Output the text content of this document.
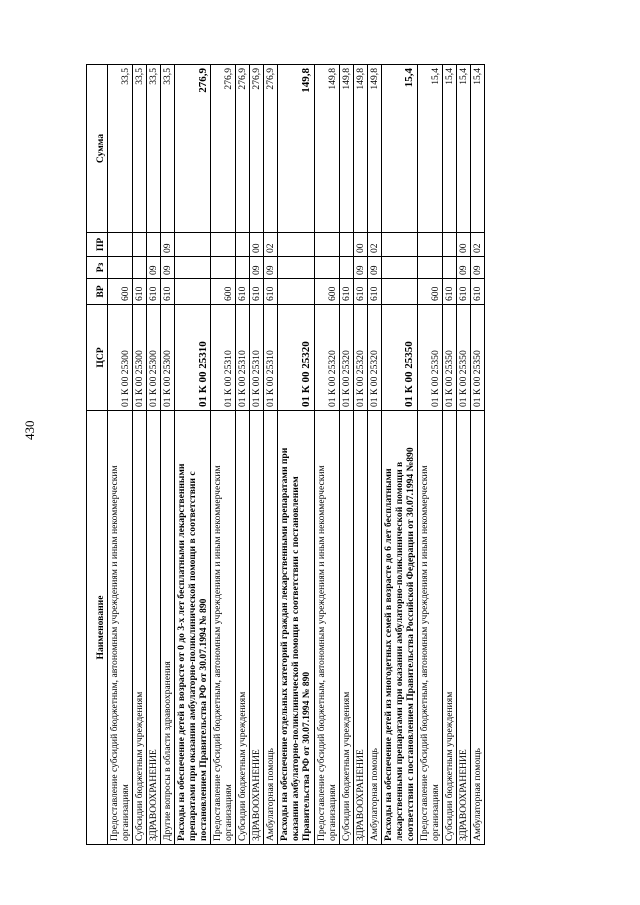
430
Наименование	ЦСР	ВР	Рз	ПР	Сумма
Предоставление субсидий бюджетным, автономным учреждениям и иным некоммерческим организациям	01 К 00 25300	600			33,5
Субсидии бюджетным учреждениям	01 К 00 25300	610			33,5
ЗДРАВООХРАНЕНИЕ	01 К 00 25300	610	09		33,5
Другие вопросы в области здравоохранения	01 К 00 25300	610	09	09	33,5
Расходы на обеспечение детей в возрасте от 0 до 3-х лет бесплатными лекарственными препаратами при оказании амбулаторно-поликлинической помощи в соответствии с постановлением Правительства РФ от 30.07.1994 № 890	01 К 00 25310				276,9
Предоставление субсидий бюджетным, автономным учреждениям и иным некоммерческим организациям	01 К 00 25310	600			276,9
Субсидии бюджетным учреждениям	01 К 00 25310	610			276,9
ЗДРАВООХРАНЕНИЕ	01 К 00 25310	610	09	00	276,9
Амбулаторная помощь	01 К 00 25310	610	09	02	276,9
Расходы на обеспечение отдельных категорий граждан лекарственными препаратами при оказании амбулаторно-поликлинической помощи в соответствии с постановлением Правительства РФ от 30.07.1994 № 890	01 К 00 25320				149,8
Предоставление субсидий бюджетным, автономным учреждениям и иным некоммерческим организациям	01 К 00 25320	600			149,8
Субсидии бюджетным учреждениям	01 К 00 25320	610			149,8
ЗДРАВООХРАНЕНИЕ	01 К 00 25320	610	09	00	149,8
Амбулаторная помощь	01 К 00 25320	610	09	02	149,8
Расходы на обеспечение детей из многодетных семей в возрасте до 6 лет бесплатными лекарственными препаратами при оказании амбулаторно-поликлинической помощи в соответствии с постановлением Правительства Российской Федерации от 30.07.1994 №890	01 К 00 25350				15,4
Предоставление субсидий бюджетным, автономным учреждениям и иным некоммерческим организациям	01 К 00 25350	600			15,4
Субсидии бюджетным учреждениям	01 К 00 25350	610			15,4
ЗДРАВООХРАНЕНИЕ	01 К 00 25350	610	09	00	15,4
Амбулаторная помощь	01 К 00 25350	610	09	02	15,4
